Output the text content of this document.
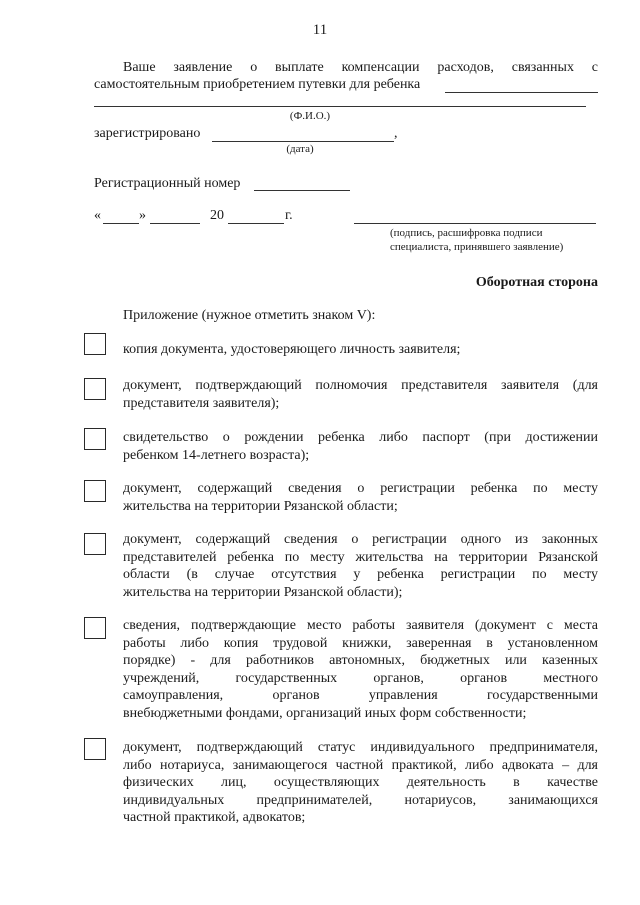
11
Ваше заявление о выплате компенсации расходов, связанных с
самостоятельным приобретением путевки для ребенка
(Ф.И.О.)
зарегистрировано	,
(дата)
Регистрационный номер
«	»	20	г.
(подпись, расшифровка подписи
специалиста, принявшего заявление)
Оборотная сторона
Приложение (нужное отметить знаком V):
копия документа, удостоверяющего личность заявителя;
документ, подтверждающий полномочия представителя заявителя (для
представителя заявителя);
свидетельство о рождении ребенка либо паспорт (при достижении
ребенком 14-летнего возраста);
документ, содержащий сведения о регистрации ребенка по месту
жительства на территории Рязанской области;
документ, содержащий сведения о регистрации одного из законных
представителей ребенка по месту жительства на территории Рязанской
области (в случае отсутствия у ребенка регистрации по месту
жительства на территории Рязанской области);
сведения, подтверждающие место работы заявителя (документ с места
работы либо копия трудовой книжки, заверенная в установленном
порядке) - для работников автономных, бюджетных или казенных
учреждений, государственных органов, органов местного
самоуправления, органов управления государственными
внебюджетными фондами, организаций иных форм собственности;
документ, подтверждающий статус индивидуального предпринимателя,
либо нотариуса, занимающегося частной практикой, либо адвоката – для
физических лиц, осуществляющих деятельность в качестве
индивидуальных предпринимателей, нотариусов, занимающихся
частной практикой, адвокатов;
